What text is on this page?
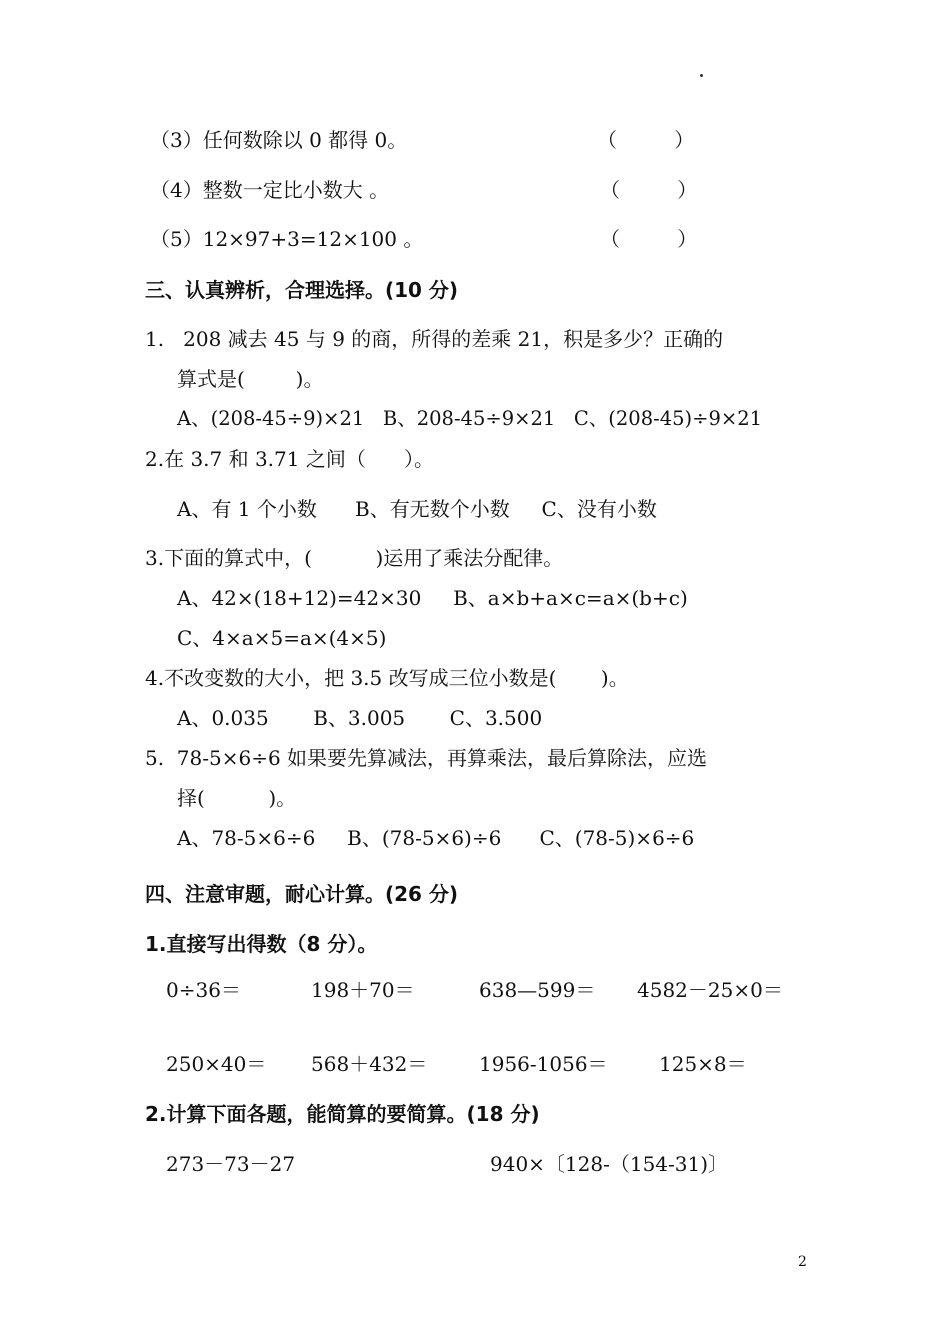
（3）任何数除以 0 都得 0。	（         ）
（4）整数一定比小数大 。	（         ）
（5）12×97+3=12×100 。	（         ）
三、认真辨析，合理选择。(10 分)
1.   208 减去 45 与 9 的商，所得的差乘 21，积是多少？正确的
算式是(        )。
A、(208-45÷9)×21   B、208-45÷9×21   C、(208-45)÷9×21
2.在 3.7 和 3.71 之间（      ）。
A、有 1 个小数      B、有无数个小数     C、没有小数
3.下面的算式中，(          )运用了乘法分配律。
A、42×(18+12)=42×30     B、a×b+a×c=a×(b+c)
C、4×a×5=a×(4×5)
4.不改变数的大小，把 3.5 改写成三位小数是(       )。
A、0.035       B、3.005       C、3.500
5.  78-5×6÷6 如果要先算减法，再算乘法，最后算除法，应选
择(          )。
A、78-5×6÷6     B、(78-5×6)÷6      C、(78-5)×6÷6
四、注意审题，耐心计算。(26 分)
1.直接写出得数（8 分）。
0÷36＝	198＋70＝	638—599＝ 4582－25×0＝
250×40＝ 568＋432＝	1956-1056＝	125×8＝
2.计算下面各题，能简算的要简算。(18 分)
273－73－27	940×〔128-（154-31)〕
2
